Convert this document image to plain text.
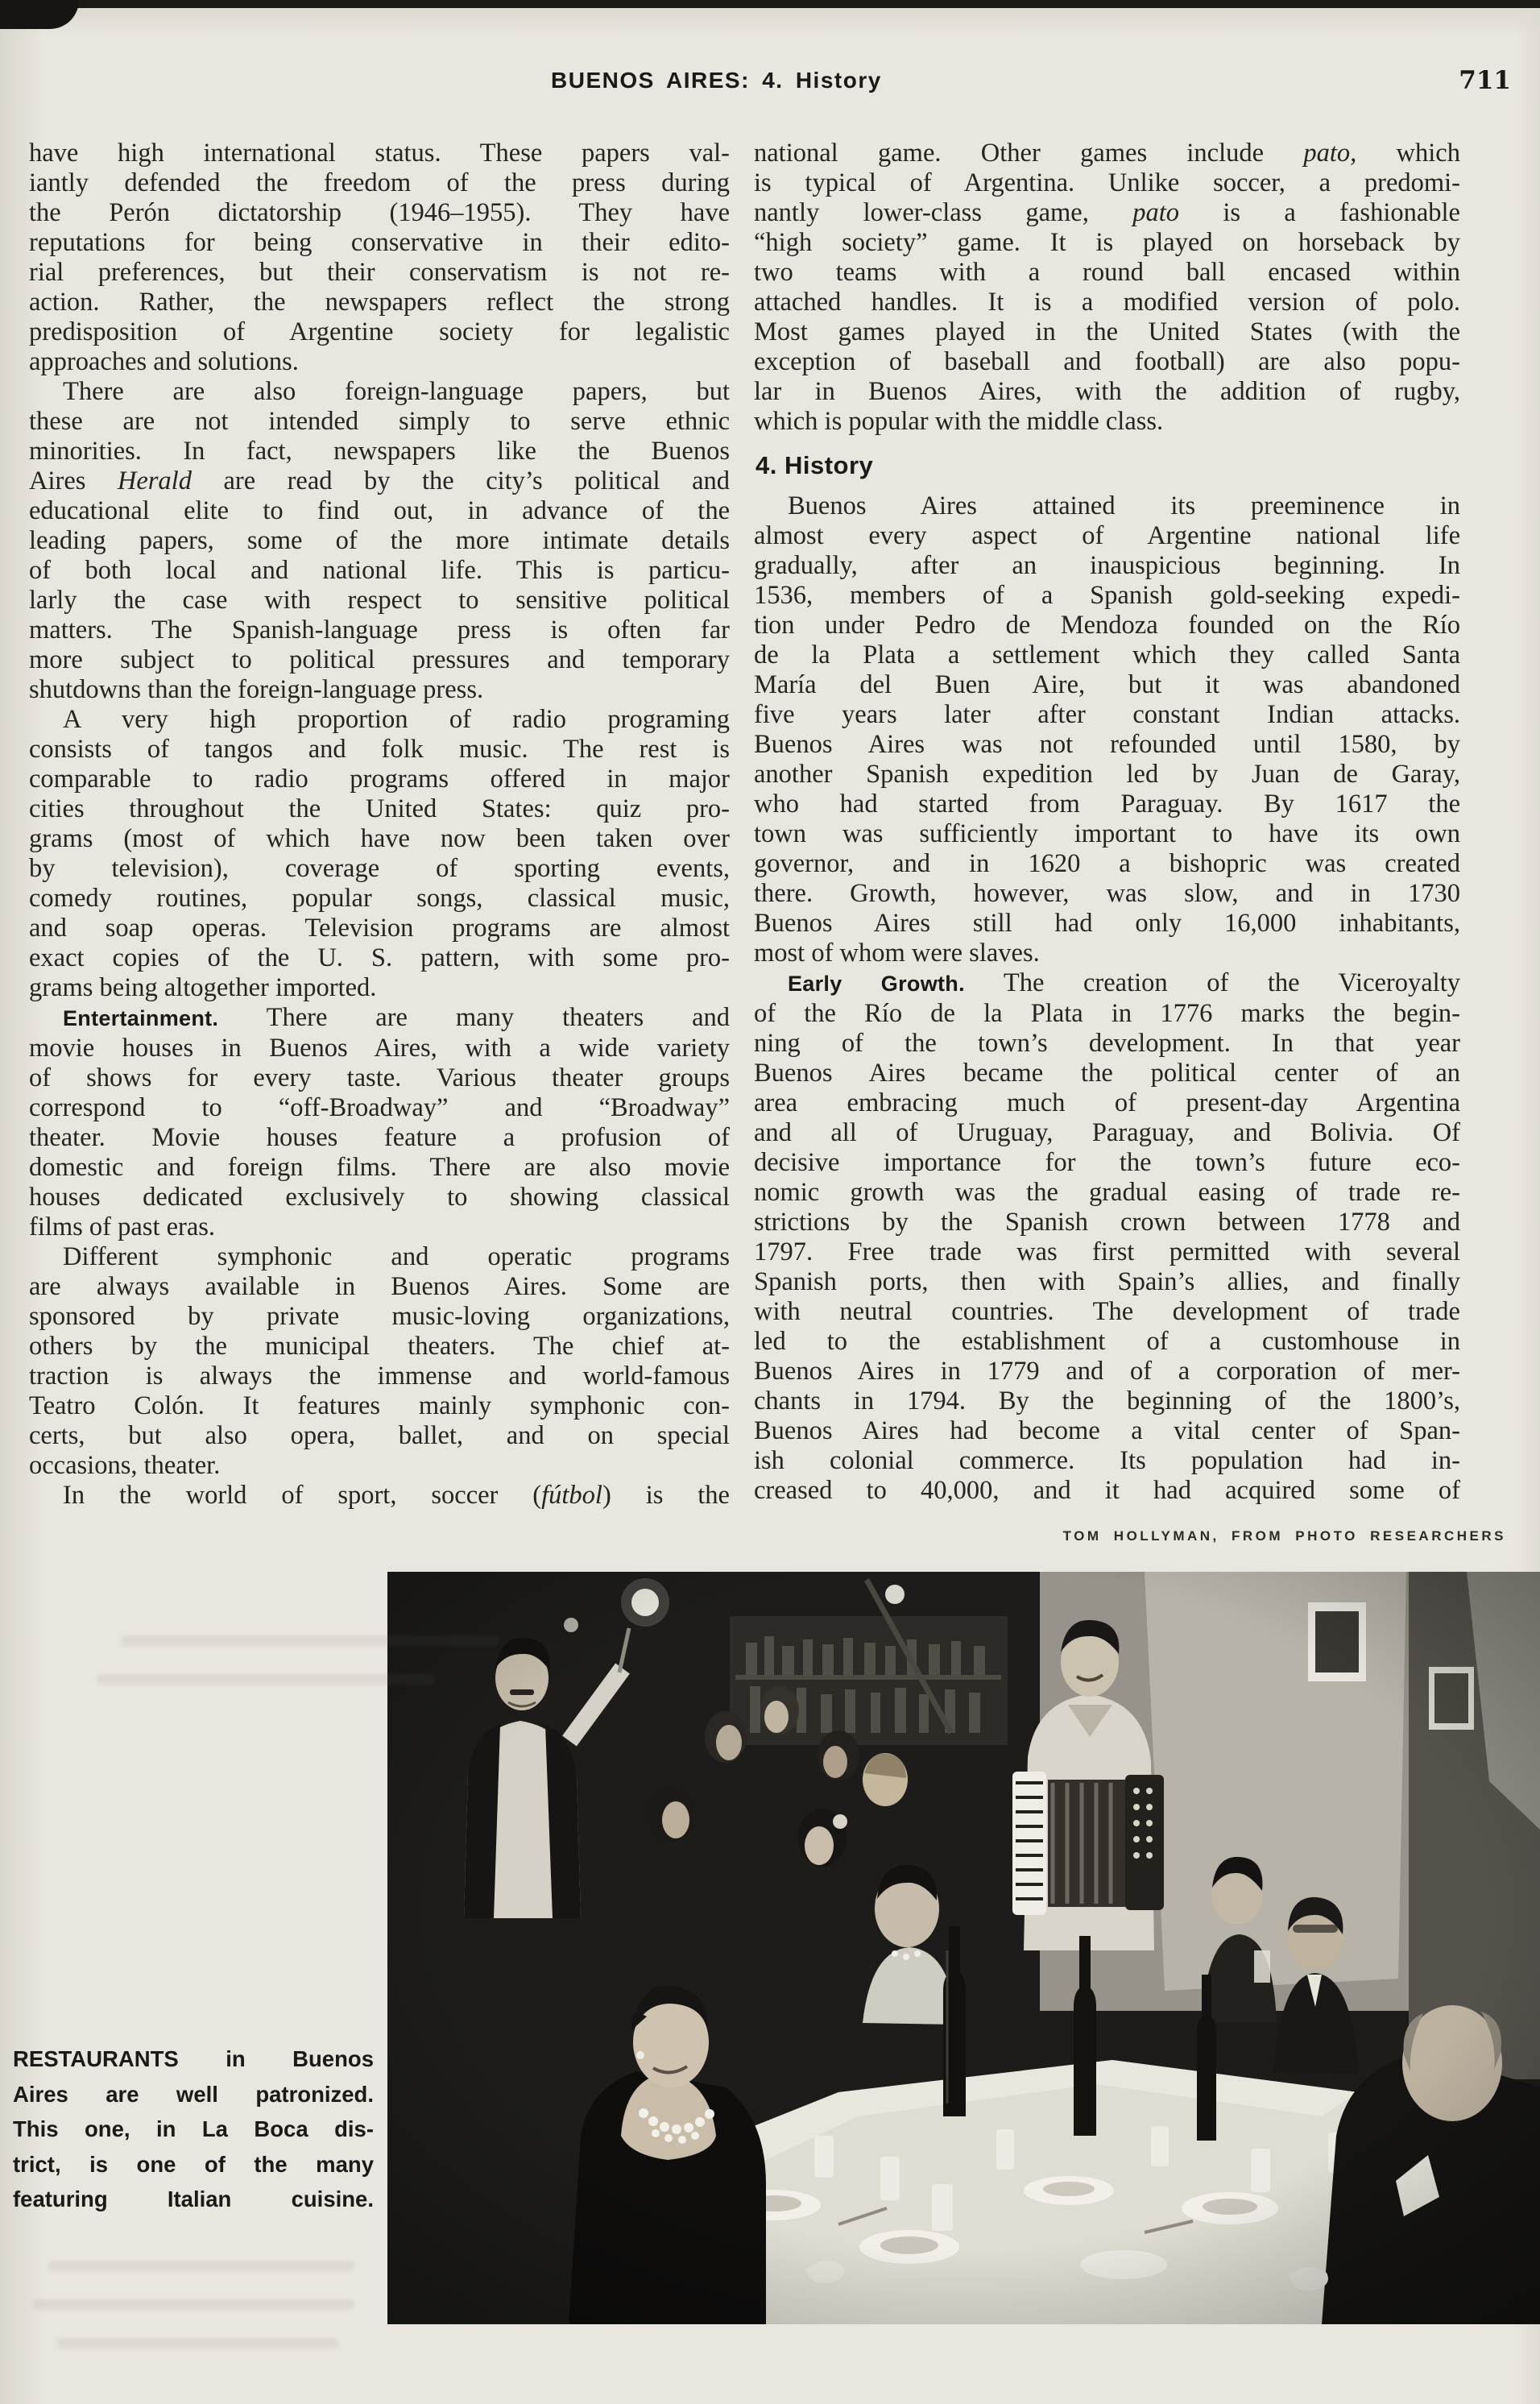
BUENOS AIRES: 4. History	711
have high international status. These papers val-
iantly defended the freedom of the press during
the Perón dictatorship (1946–1955). They have
reputations for being conservative in their edito-
rial preferences, but their conservatism is not re-
action. Rather, the newspapers reflect the strong
predisposition of Argentine society for legalistic
approaches and solutions.
There are also foreign-language papers, but
these are not intended simply to serve ethnic
minorities. In fact, newspapers like the Buenos
Aires Herald are read by the city’s political and
educational elite to find out, in advance of the
leading papers, some of the more intimate details
of both local and national life. This is particu-
larly the case with respect to sensitive political
matters. The Spanish-language press is often far
more subject to political pressures and temporary
shutdowns than the foreign-language press.
A very high proportion of radio programing
consists of tangos and folk music. The rest is
comparable to radio programs offered in major
cities throughout the United States: quiz pro-
grams (most of which have now been taken over
by television), coverage of sporting events,
comedy routines, popular songs, classical music,
and soap operas. Television programs are almost
exact copies of the U. S. pattern, with some pro-
grams being altogether imported.
Entertainment. There are many theaters and
movie houses in Buenos Aires, with a wide variety
of shows for every taste. Various theater groups
correspond to “off-Broadway” and “Broadway”
theater. Movie houses feature a profusion of
domestic and foreign films. There are also movie
houses dedicated exclusively to showing classical
films of past eras.
Different symphonic and operatic programs
are always available in Buenos Aires. Some are
sponsored by private music-loving organizations,
others by the municipal theaters. The chief at-
traction is always the immense and world-famous
Teatro Colón. It features mainly symphonic con-
certs, but also opera, ballet, and on special
occasions, theater.
In the world of sport, soccer (fútbol) is the
national game. Other games include pato, which
is typical of Argentina. Unlike soccer, a predomi-
nantly lower-class game, pato is a fashionable
“high society” game. It is played on horseback by
two teams with a round ball encased within
attached handles. It is a modified version of polo.
Most games played in the United States (with the
exception of baseball and football) are also popu-
lar in Buenos Aires, with the addition of rugby,
which is popular with the middle class.
4. History
Buenos Aires attained its preeminence in
almost every aspect of Argentine national life
gradually, after an inauspicious beginning. In
1536, members of a Spanish gold-seeking expedi-
tion under Pedro de Mendoza founded on the Río
de la Plata a settlement which they called Santa
María del Buen Aire, but it was abandoned
five years later after constant Indian attacks.
Buenos Aires was not refounded until 1580, by
another Spanish expedition led by Juan de Garay,
who had started from Paraguay. By 1617 the
town was sufficiently important to have its own
governor, and in 1620 a bishopric was created
there. Growth, however, was slow, and in 1730
Buenos Aires still had only 16,000 inhabitants,
most of whom were slaves.
Early Growth. The creation of the Viceroyalty
of the Río de la Plata in 1776 marks the begin-
ning of the town’s development. In that year
Buenos Aires became the political center of an
area embracing much of present-day Argentina
and all of Uruguay, Paraguay, and Bolivia. Of
decisive importance for the town’s future eco-
nomic growth was the gradual easing of trade re-
strictions by the Spanish crown between 1778 and
1797. Free trade was first permitted with several
Spanish ports, then with Spain’s allies, and finally
with neutral countries. The development of trade
led to the establishment of a customhouse in
Buenos Aires in 1779 and of a corporation of mer-
chants in 1794. By the beginning of the 1800’s,
Buenos Aires had become a vital center of Span-
ish colonial commerce. Its population had in-
creased to 40,000, and it had acquired some of
TOM HOLLYMAN, FROM PHOTO RESEARCHERS
RESTAURANTS in Buenos
Aires are well patronized.
This one, in La Boca dis-
trict, is one of the many
featuring Italian cuisine.
